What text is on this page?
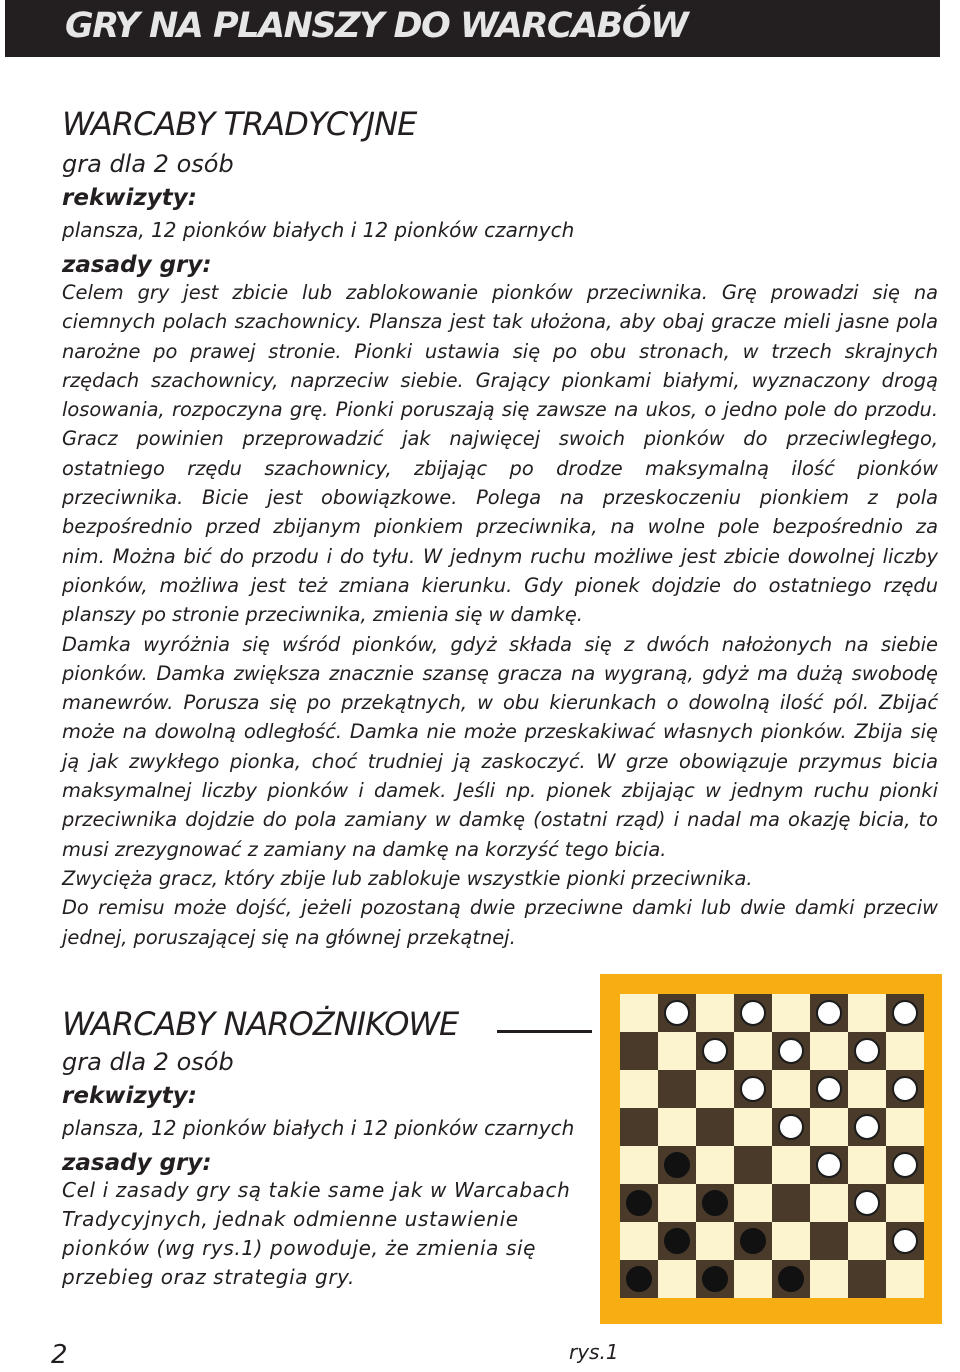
GRY NA PLANSZY DO WARCABÓW
WARCABY TRADYCYJNE
gra dla 2 osób
rekwizyty:
plansza, 12 pionków białych i 12 pionków czarnych
zasady gry:
Celem gry jest zbicie lub zablokowanie pionków przeciwnika. Grę prowadzi się na
ciemnych polach szachownicy. Plansza jest tak ułożona, aby obaj gracze mieli jasne pola
narożne po prawej stronie. Pionki ustawia się po obu stronach, w trzech skrajnych
rzędach szachownicy, naprzeciw siebie. Grający pionkami białymi, wyznaczony drogą
losowania, rozpoczyna grę. Pionki poruszają się zawsze na ukos, o jedno pole do przodu.
Gracz powinien przeprowadzić jak najwięcej swoich pionków do przeciwległego,
ostatniego rzędu szachownicy, zbijając po drodze maksymalną ilość pionków
przeciwnika. Bicie jest obowiązkowe. Polega na przeskoczeniu pionkiem z pola
bezpośrednio przed zbijanym pionkiem przeciwnika, na wolne pole bezpośrednio za
nim. Można bić do przodu i do tyłu. W jednym ruchu możliwe jest zbicie dowolnej liczby
pionków, możliwa jest też zmiana kierunku. Gdy pionek dojdzie do ostatniego rzędu
planszy po stronie przeciwnika, zmienia się w damkę.
Damka wyróżnia się wśród pionków, gdyż składa się z dwóch nałożonych na siebie
pionków. Damka zwiększa znacznie szansę gracza na wygraną, gdyż ma dużą swobodę
manewrów. Porusza się po przekątnych, w obu kierunkach o dowolną ilość pól. Zbijać
może na dowolną odległość. Damka nie może przeskakiwać własnych pionków. Zbija się
ją jak zwykłego pionka, choć trudniej ją zaskoczyć. W grze obowiązuje przymus bicia
maksymalnej liczby pionków i damek. Jeśli np. pionek zbijając w jednym ruchu pionki
przeciwnika dojdzie do pola zamiany w damkę (ostatni rząd) i nadal ma okazję bicia, to
musi zrezygnować z zamiany na damkę na korzyść tego bicia.
Zwycięża gracz, który zbije lub zablokuje wszystkie pionki przeciwnika.
Do remisu może dojść, jeżeli pozostaną dwie przeciwne damki lub dwie damki przeciw
jednej, poruszającej się na głównej przekątnej.
WARCABY NAROŻNIKOWE
gra dla 2 osób
rekwizyty:
plansza, 12 pionków białych i 12 pionków czarnych
zasady gry:
Cel i zasady gry są takie same jak w Warcabach
Tradycyjnych, jednak odmienne ustawienie
pionków (wg rys.1) powoduje, że zmienia się
przebieg oraz strategia gry.
2	rys.1
